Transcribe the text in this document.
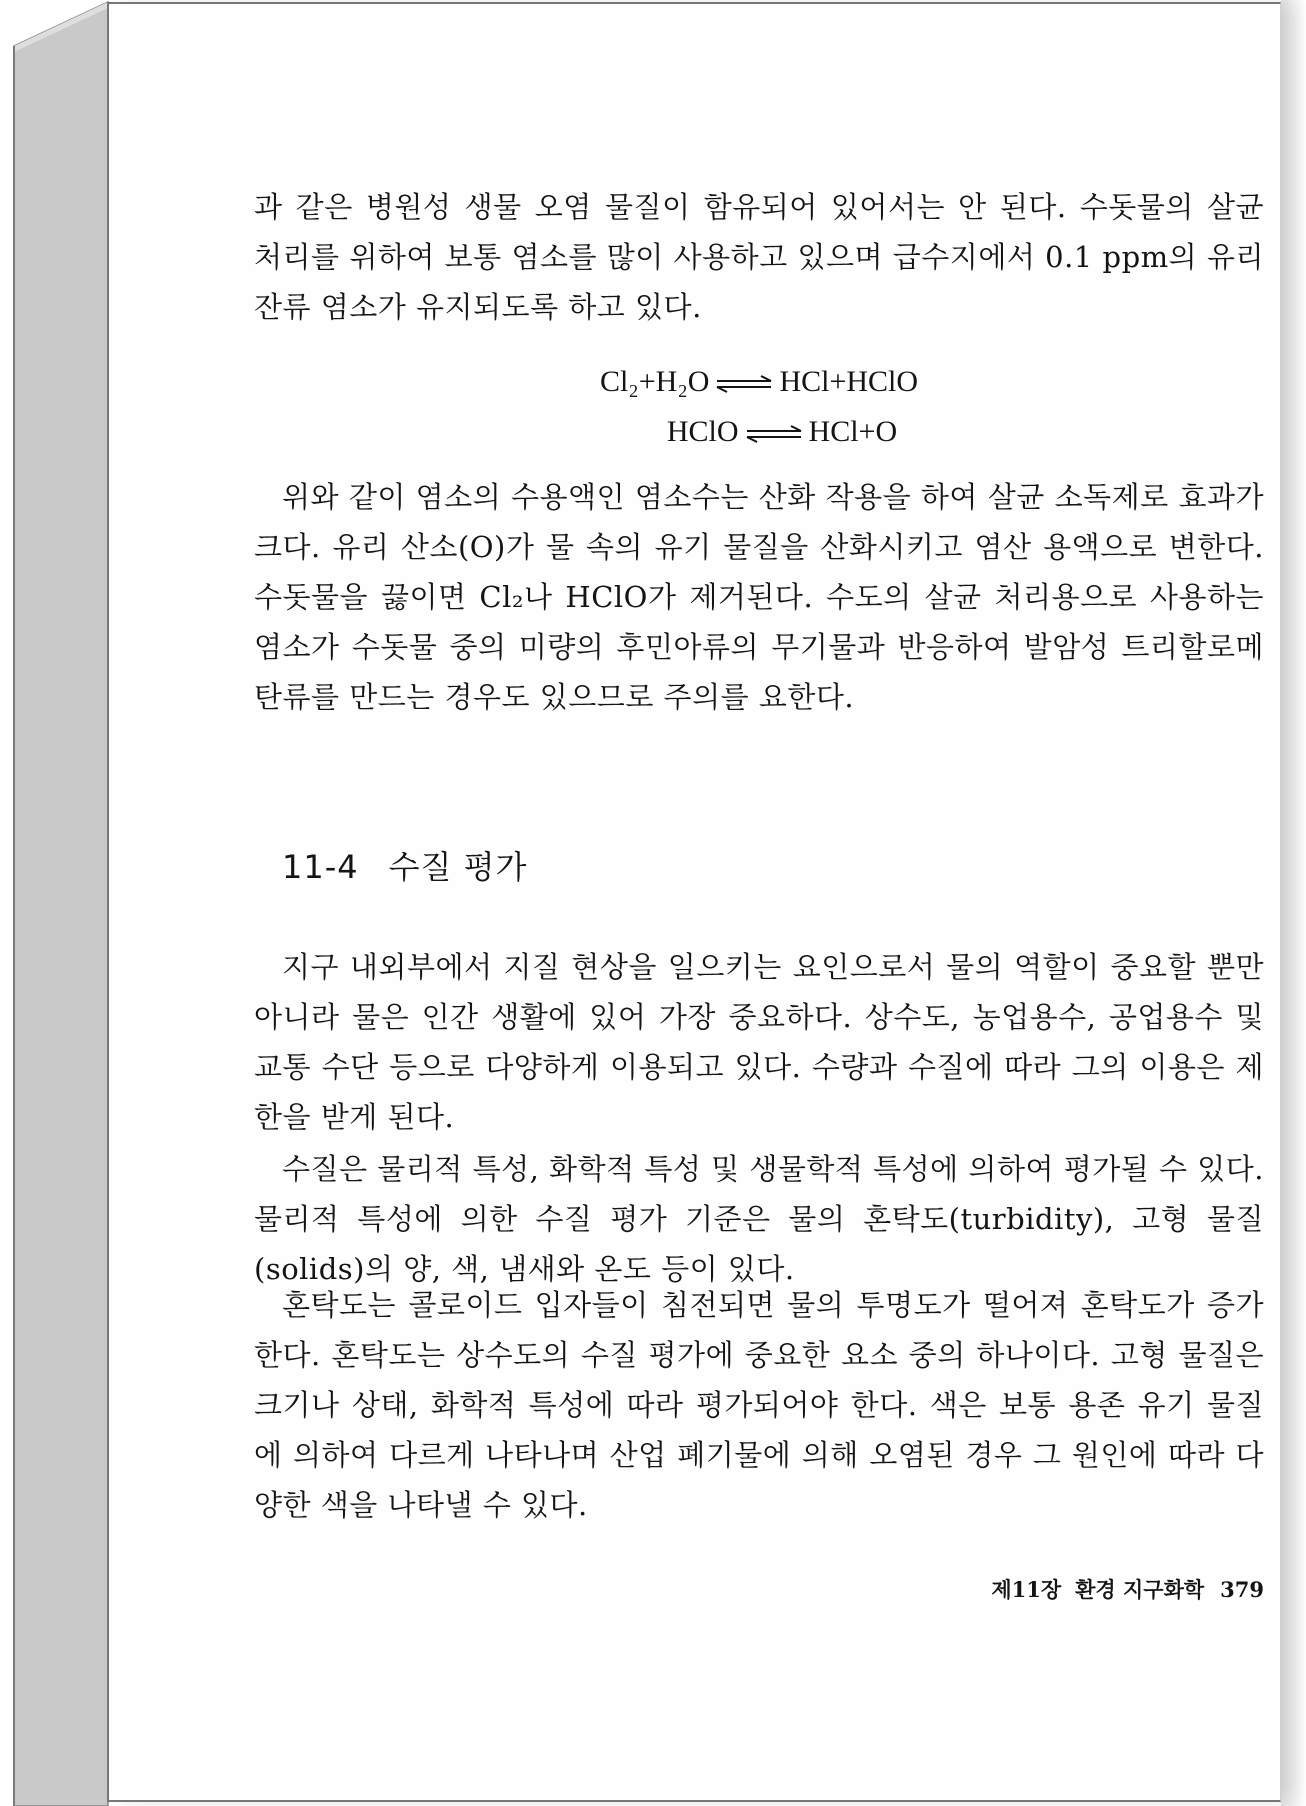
과 같은 병원성 생물 오염 물질이 함유되어 있어서는 안 된다. 수돗물의 살균 처리를 위하여 보통 염소를 많이 사용하고 있으며 급수지에서 0.1 ppm의 유리 잔류 염소가 유지되도록 하고 있다.

Cl₂+H₂O ⇌ HCl+HClO
HClO ⇌ HCl+O

위와 같이 염소의 수용액인 염소수는 산화 작용을 하여 살균 소독제로 효과가 크다. 유리 산소(O)가 물 속의 유기 물질을 산화시키고 염산 용액으로 변한다. 수돗물을 끓이면 Cl₂나 HClO가 제거된다. 수도의 살균 처리용으로 사용하는 염소가 수돗물 중의 미량의 후민아류의 무기물과 반응하여 발암성 트리할로메탄류를 만드는 경우도 있으므로 주의를 요한다.

11-4 수질 평가

지구 내외부에서 지질 현상을 일으키는 요인으로서 물의 역할이 중요할 뿐만 아니라 물은 인간 생활에 있어 가장 중요하다. 상수도, 농업용수, 공업용수 및 교통 수단 등으로 다양하게 이용되고 있다. 수량과 수질에 따라 그의 이용은 제한을 받게 된다.

수질은 물리적 특성, 화학적 특성 및 생물학적 특성에 의하여 평가될 수 있다. 물리적 특성에 의한 수질 평가 기준은 물의 혼탁도(turbidity), 고형 물질(solids)의 양, 색, 냄새와 온도 등이 있다.

혼탁도는 콜로이드 입자들이 침전되면 물의 투명도가 떨어져 혼탁도가 증가한다. 혼탁도는 상수도의 수질 평가에 중요한 요소 중의 하나이다. 고형 물질은 크기나 상태, 화학적 특성에 따라 평가되어야 한다. 색은 보통 용존 유기 물질에 의하여 다르게 나타나며 산업 폐기물에 의해 오염된 경우 그 원인에 따라 다양한 색을 나타낼 수 있다.

제11장 환경 지구화학 379
